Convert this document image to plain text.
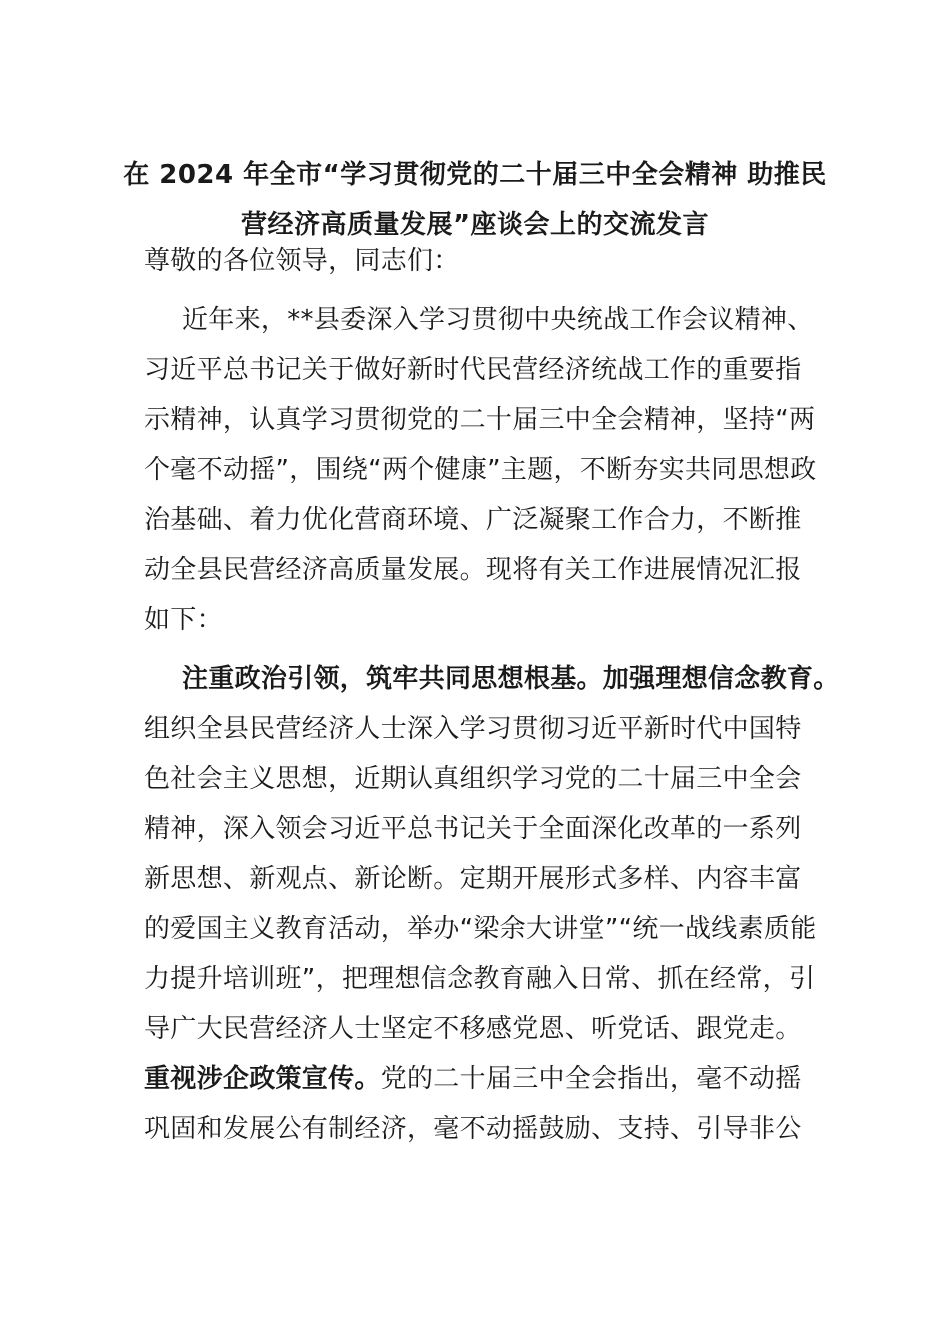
在 2024 年全市“学习贯彻党的二十届三中全会精神 助推民
营经济高质量发展”座谈会上的交流发言
尊敬的各位领导，同志们：
近年来，**县委深入学习贯彻中央统战工作会议精神、
习近平总书记关于做好新时代民营经济统战工作的重要指
示精神，认真学习贯彻党的二十届三中全会精神，坚持“两
个毫不动摇”，围绕“两个健康”主题，不断夯实共同思想政
治基础、着力优化营商环境、广泛凝聚工作合力，不断推
动全县民营经济高质量发展。现将有关工作进展情况汇报
如下：
注重政治引领，筑牢共同思想根基。加强理想信念教育。
组织全县民营经济人士深入学习贯彻习近平新时代中国特
色社会主义思想，近期认真组织学习党的二十届三中全会
精神，深入领会习近平总书记关于全面深化改革的一系列
新思想、新观点、新论断。定期开展形式多样、内容丰富
的爱国主义教育活动，举办“梁余大讲堂”“统一战线素质能
力提升培训班”，把理想信念教育融入日常、抓在经常，引
导广大民营经济人士坚定不移感党恩、听党话、跟党走。
重视涉企政策宣传。党的二十届三中全会指出，毫不动摇
巩固和发展公有制经济，毫不动摇鼓励、支持、引导非公
